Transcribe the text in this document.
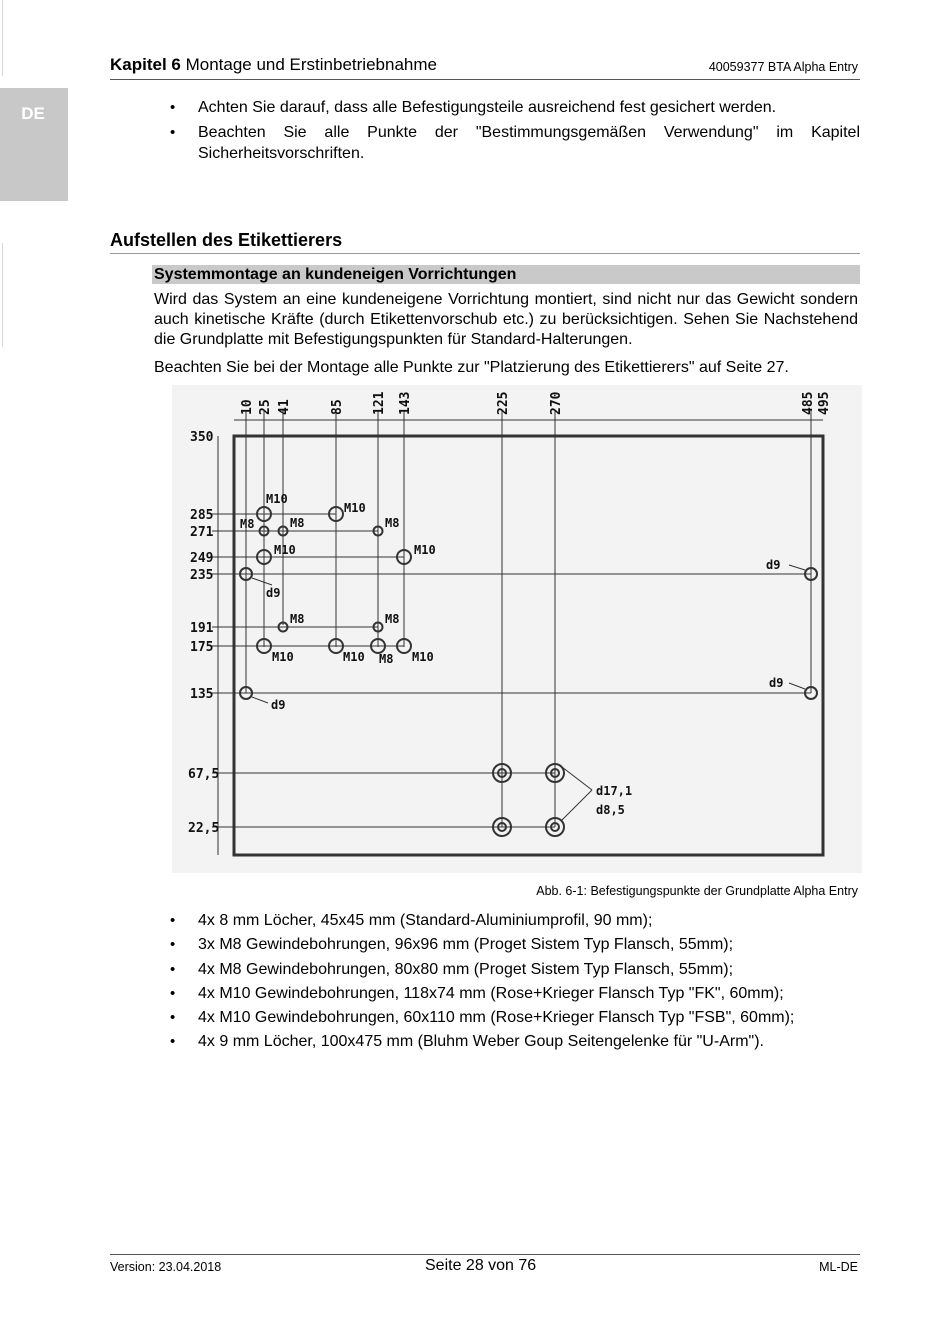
Kapitel 6 Montage und Erstinbetriebnahme	40059377 BTA Alpha Entry
DE
•	Achten Sie darauf, dass alle Befestigungsteile ausreichend fest gesichert werden.
• Beachten Sie alle Punkte der "Bestimmungsgemäßen Verwendung" im Kapitel Sicherheitsvorschriften.
Aufstellen des Etikettierers
Systemmontage an kundeneigen Vorrichtungen
Wird das System an eine kundeneigene Vorrichtung montiert, sind nicht nur das Gewicht sondern auch kinetische Kräfte (durch Etikettenvorschub etc.) zu berücksichtigen. Sehen Sie Nachstehend die Grundplatte mit Befestigungspunkten für Standard-Halterungen.
Beachten Sie bei der Montage alle Punkte zur "Platzierung des Etikettierers" auf Seite 27.
10 25 41	85 121 143	225	270	485 495
350
285
271
249
235
191
175
135
67,5
22,5
M10
M10
M8	M8	M8
M10	M10
d9
M8	M8
M10	M10 M8 M10
d9
d9
d9
d17,1
d8,5
Abb. 6-1: Befestigungspunkte der Grundplatte Alpha Entry
• 4x 8 mm Löcher, 45x45 mm (Standard-Aluminiumprofil, 90 mm);
• 3x M8 Gewindebohrungen, 96x96 mm (Proget Sistem Typ Flansch, 55mm);
• 4x M8 Gewindebohrungen, 80x80 mm (Proget Sistem Typ Flansch, 55mm);
• 4x M10 Gewindebohrungen, 118x74 mm (Rose+Krieger Flansch Typ "FK", 60mm);
• 4x M10 Gewindebohrungen, 60x110 mm (Rose+Krieger Flansch Typ "FSB", 60mm);
• 4x 9 mm Löcher, 100x475 mm (Bluhm Weber Goup Seitengelenke für "U-Arm").
Version: 23.04.2018	Seite 28 von 76	ML-DE
